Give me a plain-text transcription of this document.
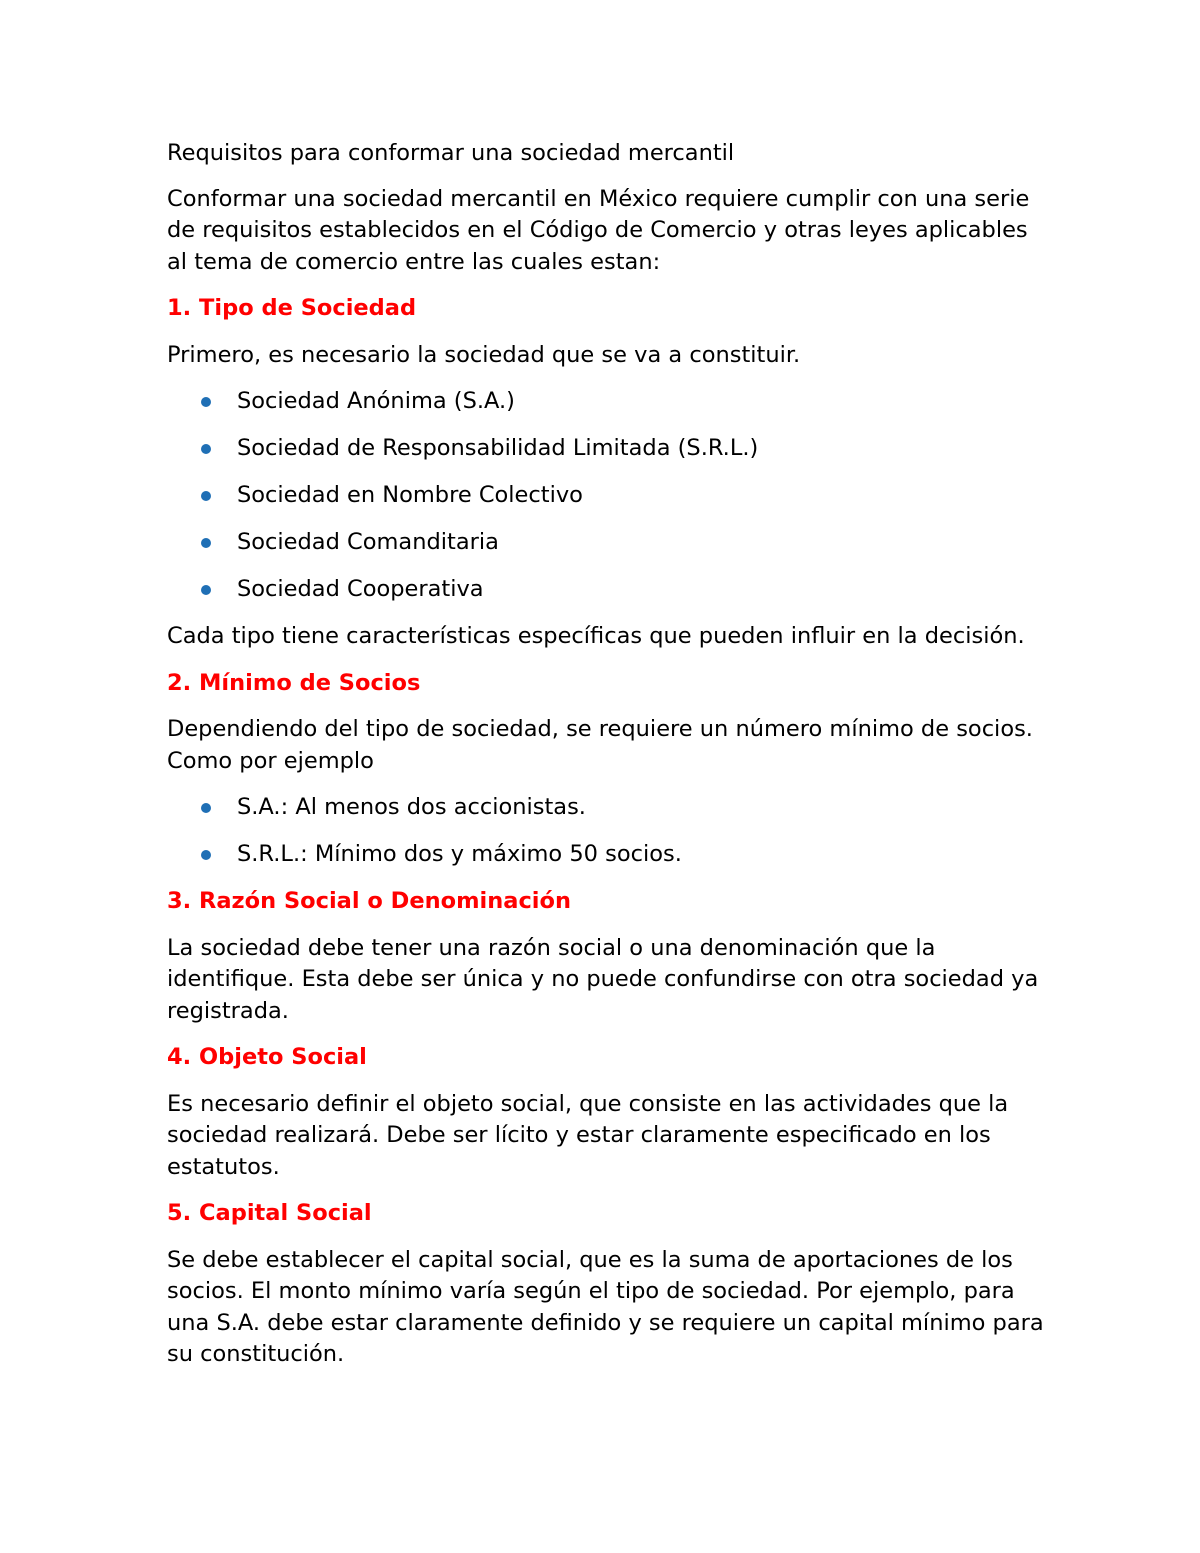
Requisitos para conformar una sociedad mercantil

Conformar una sociedad mercantil en México requiere cumplir con una serie de requisitos establecidos en el Código de Comercio y otras leyes aplicables al tema de comercio entre las cuales estan:

1. Tipo de Sociedad

Primero, es necesario la sociedad que se va a constituir.

Sociedad Anónima (S.A.)
Sociedad de Responsabilidad Limitada (S.R.L.)
Sociedad en Nombre Colectivo
Sociedad Comanditaria
Sociedad Cooperativa

Cada tipo tiene características específicas que pueden influir en la decisión.

2. Mínimo de Socios

Dependiendo del tipo de sociedad, se requiere un número mínimo de socios. Como por ejemplo

S.A.: Al menos dos accionistas.
S.R.L.: Mínimo dos y máximo 50 socios.
3. Razón Social o Denominación

La sociedad debe tener una razón social o una denominación que la identifique. Esta debe ser única y no puede confundirse con otra sociedad ya registrada.

4. Objeto Social

Es necesario definir el objeto social, que consiste en las actividades que la sociedad realizará. Debe ser lícito y estar claramente especificado en los estatutos.

5. Capital Social

Se debe establecer el capital social, que es la suma de aportaciones de los socios. El monto mínimo varía según el tipo de sociedad. Por ejemplo, para una S.A. debe estar claramente definido y se requiere un capital mínimo para su constitución.
